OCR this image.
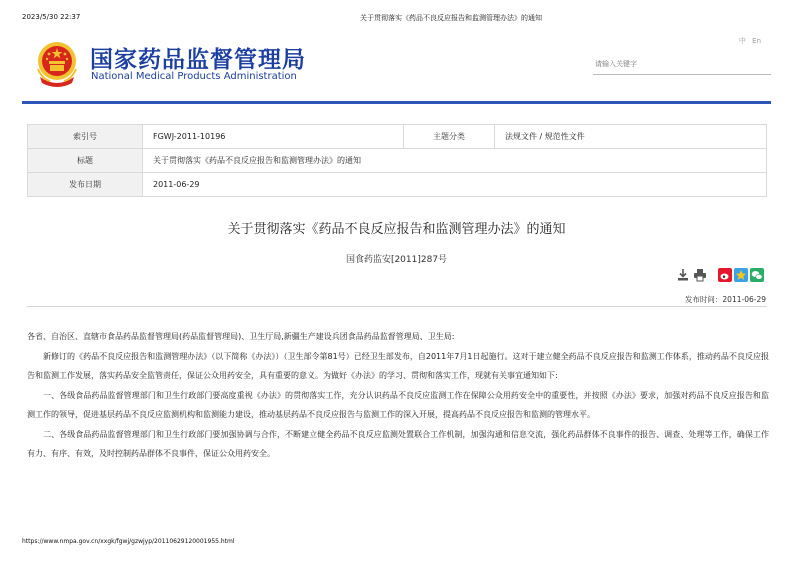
2023/5/30 22:37	关于贯彻落实《药品不良反应报告和监测管理办法》的通知
国家药品监督管理局
National Medical Products Administration
中 En
请输入关键字
索引号	FGWJ-2011-10196	主题分类	法规文件 / 规范性文件
标题	关于贯彻落实《药品不良反应报告和监测管理办法》的通知		
发布日期	2011-06-29		
关于贯彻落实《药品不良反应报告和监测管理办法》的通知
国食药监安[2011]287号
发布时间：2011-06-29

各省、自治区、直辖市食品药品监督管理局(药品监督管理局)、卫生厅局,新疆生产建设兵团食品药品监督管理局、卫生局:

新修订的《药品不良反应报告和监测管理办法》（以下简称《办法》）（卫生部令第81号）已经卫生部发布，自2011年7月1日起施行。这对于建立健全药品不良反应报告和监测工作体系，推动药品不良反应报告和监测工作发展，落实药品安全监管责任，保证公众用药安全，具有重要的意义。为做好《办法》的学习、贯彻和落实工作，现就有关事宜通知如下:

一、各级食品药品监督管理部门和卫生行政部门要高度重视《办法》的贯彻落实工作，充分认识药品不良反应监测工作在保障公众用药安全中的重要性，并按照《办法》要求，加强对药品不良反应报告和监测工作的领导，促进基层药品不良反应监测机构和监测能力建设，推动基层药品不良反应报告与监测工作的深入开展，提高药品不良反应报告和监测的管理水平。

二、各级食品药品监督管理部门和卫生行政部门要加强协调与合作，不断建立健全药品不良反应监测处置联合工作机制，加强沟通和信息交流，强化药品群体不良事件的报告、调查、处理等工作，确保工作有力、有序、有效，及时控制药品群体不良事件，保证公众用药安全。

https://www.nmpa.gov.cn/xxgk/fgwj/gzwjyp/20110629120001955.html
